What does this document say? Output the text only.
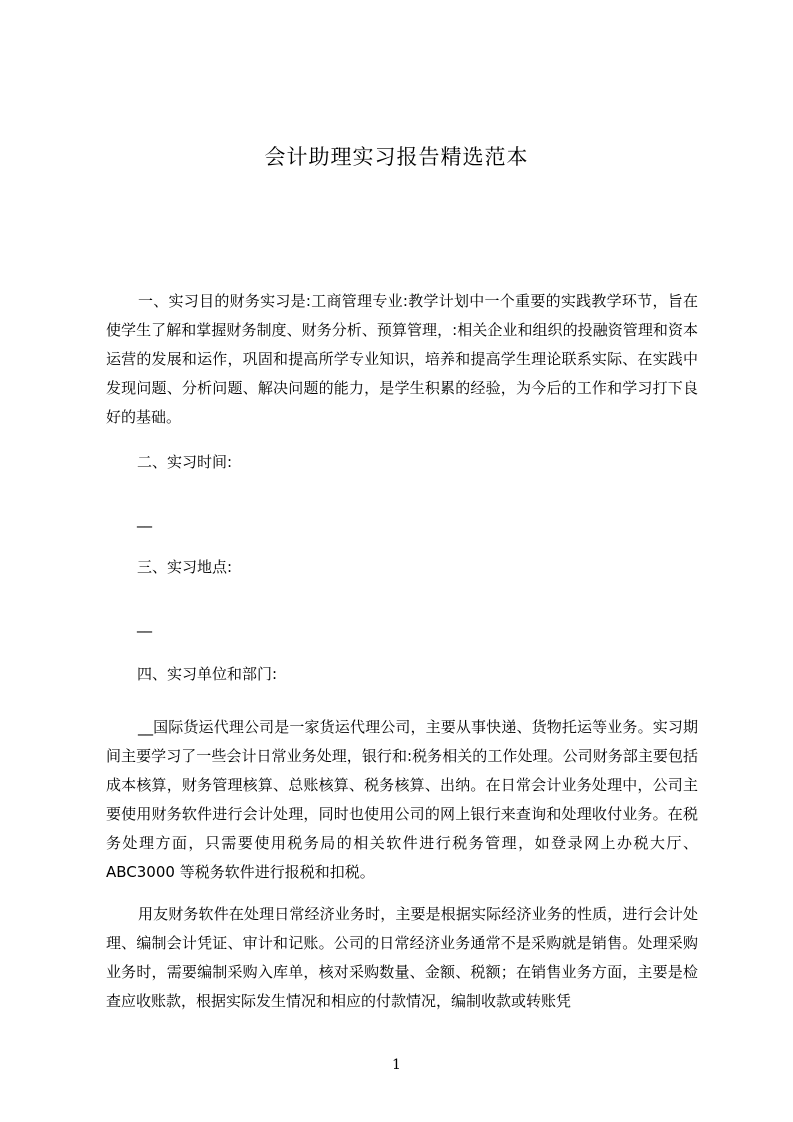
会计助理实习报告精选范本

一、实习目的财务实习是:工商管理专业:教学计划中一个重要的实践教学环节，旨在使学生了解和掌握财务制度、财务分析、预算管理，:相关企业和组织的投融资管理和资本运营的发展和运作，巩固和提高所学专业知识，培养和提高学生理论联系实际、在实践中发现问题、分析问题、解决问题的能力，是学生积累的经验，为今后的工作和学习打下良好的基础。

二、实习时间:

__

三、实习地点:

__

四、实习单位和部门:

__国际货运代理公司是一家货运代理公司，主要从事快递、货物托运等业务。实习期间主要学习了一些会计日常业务处理，银行和:税务相关的工作处理。公司财务部主要包括成本核算，财务管理核算、总账核算、税务核算、出纳。在日常会计业务处理中，公司主要使用财务软件进行会计处理，同时也使用公司的网上银行来查询和处理收付业务。在税务处理方面，只需要使用税务局的相关软件进行税务管理，如登录网上办税大厅、ABC3000 等税务软件进行报税和扣税。

用友财务软件在处理日常经济业务时，主要是根据实际经济业务的性质，进行会计处理、编制会计凭证、审计和记账。公司的日常经济业务通常不是采购就是销售。处理采购业务时，需要编制采购入库单，核对采购数量、金额、税额；在销售业务方面，主要是检查应收账款，根据实际发生情况和相应的付款情况，编制收款或转账凭

1
